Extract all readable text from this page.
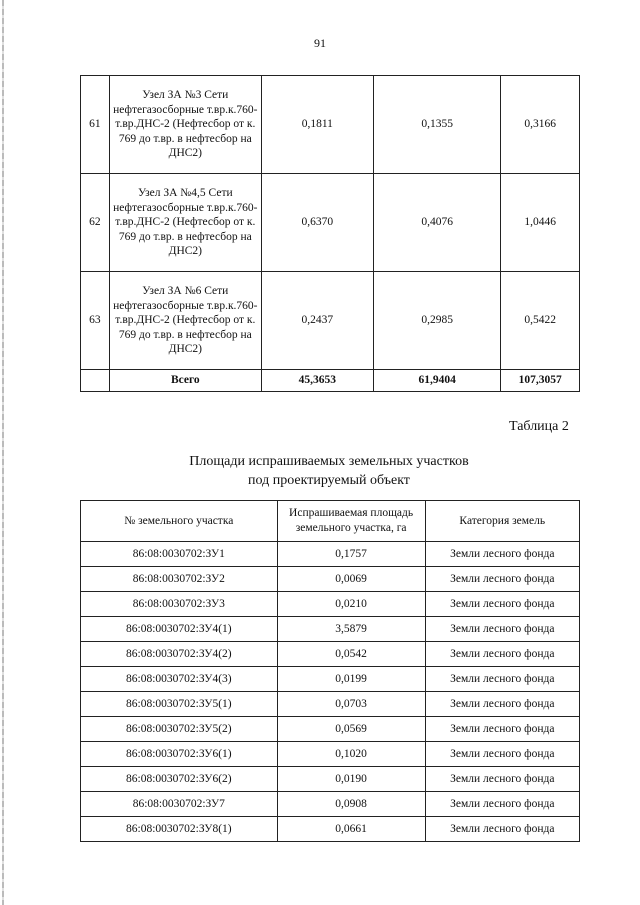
91
61	Узел ЗА №3 Сети нефтегазосборные т.вр.к.760-т.вр.ДНС-2 (Нефтесбор от к. 769 до т.вр. в нефтесбор на ДНС2)	0,1811	0,1355	0,3166
62	Узел ЗА №4,5 Сети нефтегазосборные т.вр.к.760-т.вр.ДНС-2 (Нефтесбор от к. 769 до т.вр. в нефтесбор на ДНС2)	0,6370	0,4076	1,0446
63	Узел ЗА №6 Сети нефтегазосборные т.вр.к.760-т.вр.ДНС-2 (Нефтесбор от к. 769 до т.вр. в нефтесбор на ДНС2)	0,2437	0,2985	0,5422
	Всего	45,3653	61,9404	107,3057
Таблица 2
Площади испрашиваемых земельных участков
под проектируемый объект
№ земельного участка	Испрашиваемая площадь земельного участка, га	Категория земель
86:08:0030702:ЗУ1	0,1757	Земли лесного фонда
86:08:0030702:ЗУ2	0,0069	Земли лесного фонда
86:08:0030702:ЗУ3	0,0210	Земли лесного фонда
86:08:0030702:ЗУ4(1)	3,5879	Земли лесного фонда
86:08:0030702:ЗУ4(2)	0,0542	Земли лесного фонда
86:08:0030702:ЗУ4(3)	0,0199	Земли лесного фонда
86:08:0030702:ЗУ5(1)	0,0703	Земли лесного фонда
86:08:0030702:ЗУ5(2)	0,0569	Земли лесного фонда
86:08:0030702:ЗУ6(1)	0,1020	Земли лесного фонда
86:08:0030702:ЗУ6(2)	0,0190	Земли лесного фонда
86:08:0030702:ЗУ7	0,0908	Земли лесного фонда
86:08:0030702:ЗУ8(1)	0,0661	Земли лесного фонда
